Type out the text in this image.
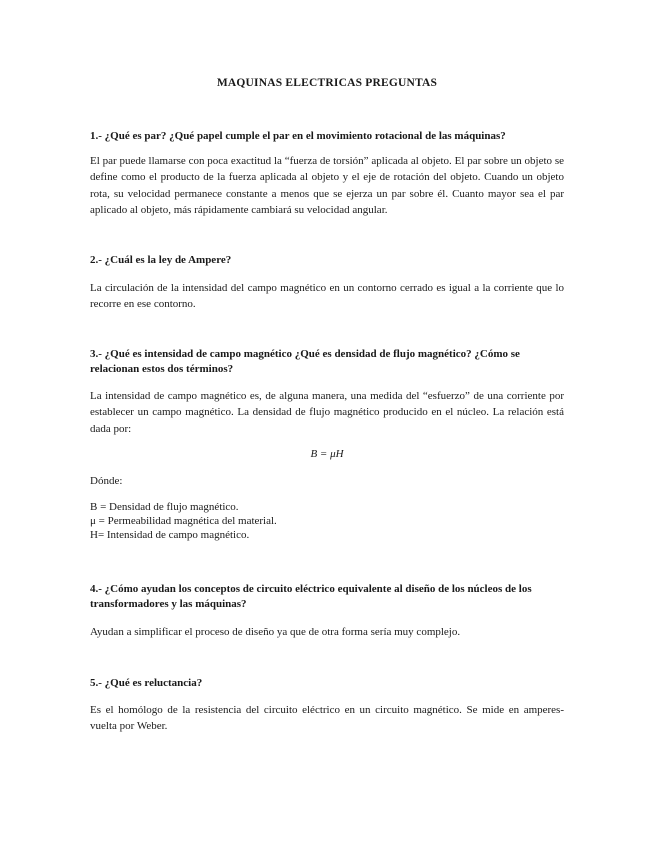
MAQUINAS ELECTRICAS PREGUNTAS
1.- ¿Qué es par? ¿Qué papel cumple el par en el movimiento rotacional de las máquinas?
El par puede llamarse con poca exactitud la “fuerza de torsión” aplicada al objeto. El par sobre un objeto se define como el producto de la fuerza aplicada al objeto y el eje de rotación del objeto. Cuando un objeto rota, su velocidad permanece constante a menos que se ejerza un par sobre él. Cuanto mayor sea el par aplicado al objeto, más rápidamente cambiará su velocidad angular.
2.- ¿Cuál es la ley de Ampere?
La circulación de la intensidad del campo magnético en un contorno cerrado es igual a la corriente que lo recorre en ese contorno.
3.- ¿Qué es intensidad de campo magnético ¿Qué es densidad de flujo magnético? ¿Cómo se relacionan estos dos términos?
La intensidad de campo magnético es, de alguna manera, una medida del “esfuerzo” de una corriente por establecer un campo magnético. La densidad de flujo magnético producido en el núcleo. La relación está dada por:
B = μH
Dónde:
B = Densidad de flujo magnético.
μ = Permeabilidad magnética del material.
H= Intensidad de campo magnético.
4.- ¿Cómo ayudan los conceptos de circuito eléctrico equivalente al diseño de los núcleos de los transformadores y las máquinas?
Ayudan a simplificar el proceso de diseño ya que de otra forma sería muy complejo.
5.- ¿Qué es reluctancia?
Es el homólogo de la resistencia del circuito eléctrico en un circuito magnético. Se mide en amperes- vuelta por Weber.
